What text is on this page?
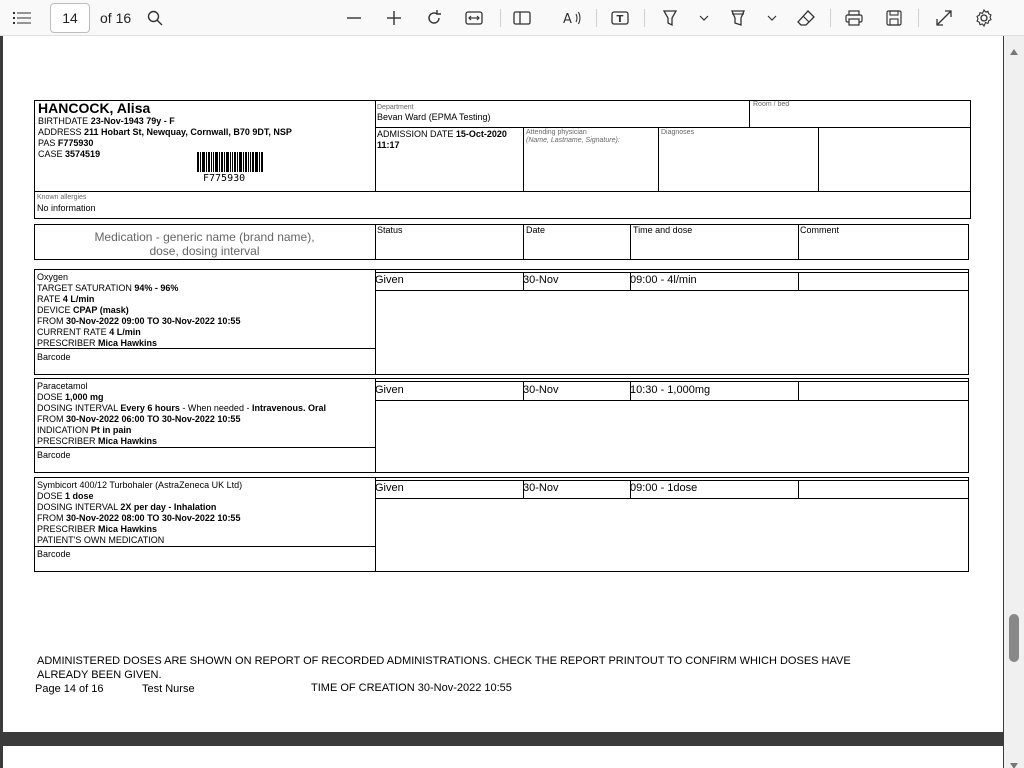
14	of 16	A	T
HANCOCK, Alisa
BIRTHDATE 23-Nov-1943 79y - F
ADDRESS 211 Hobart St, Newquay, Cornwall, B70 9DT, NSP
PAS F775930
CASE 3574519
F775930
Department
Bevan Ward (EPMA Testing)
Room / bed
ADMISSION DATE 15-Oct-2020
11:17
Attending physician
(Name, Lastname, Signature):
Diagnoses
Known allergies
No information
Medication - generic name (brand name),
dose, dosing interval
Status	Date	Time and dose	Comment
Oxygen
TARGET SATURATION 94% - 96%
RATE 4 L/min
DEVICE CPAP (mask)
FROM 30-Nov-2022 09:00 TO 30-Nov-2022 10:55
CURRENT RATE 4 L/min
PRESCRIBER Mica Hawkins
Barcode
Given	30-Nov	09:00 - 4l/min
Paracetamol
DOSE 1,000 mg
DOSING INTERVAL Every 6 hours - When needed - Intravenous. Oral
FROM 30-Nov-2022 06:00 TO 30-Nov-2022 10:55
INDICATION Pt in pain
PRESCRIBER Mica Hawkins
Barcode
Given	30-Nov	10:30 - 1,000mg
Symbicort 400/12 Turbohaler (AstraZeneca UK Ltd)
DOSE 1 dose
DOSING INTERVAL 2X per day - Inhalation
FROM 30-Nov-2022 08:00 TO 30-Nov-2022 10:55
PRESCRIBER Mica Hawkins
PATIENT'S OWN MEDICATION
Barcode
Given	30-Nov	09:00 - 1dose
ADMINISTERED DOSES ARE SHOWN ON REPORT OF RECORDED ADMINISTRATIONS. CHECK THE REPORT PRINTOUT TO CONFIRM WHICH DOSES HAVE
ALREADY BEEN GIVEN.
Page 14 of 16	Test Nurse	TIME OF CREATION 30-Nov-2022 10:55
